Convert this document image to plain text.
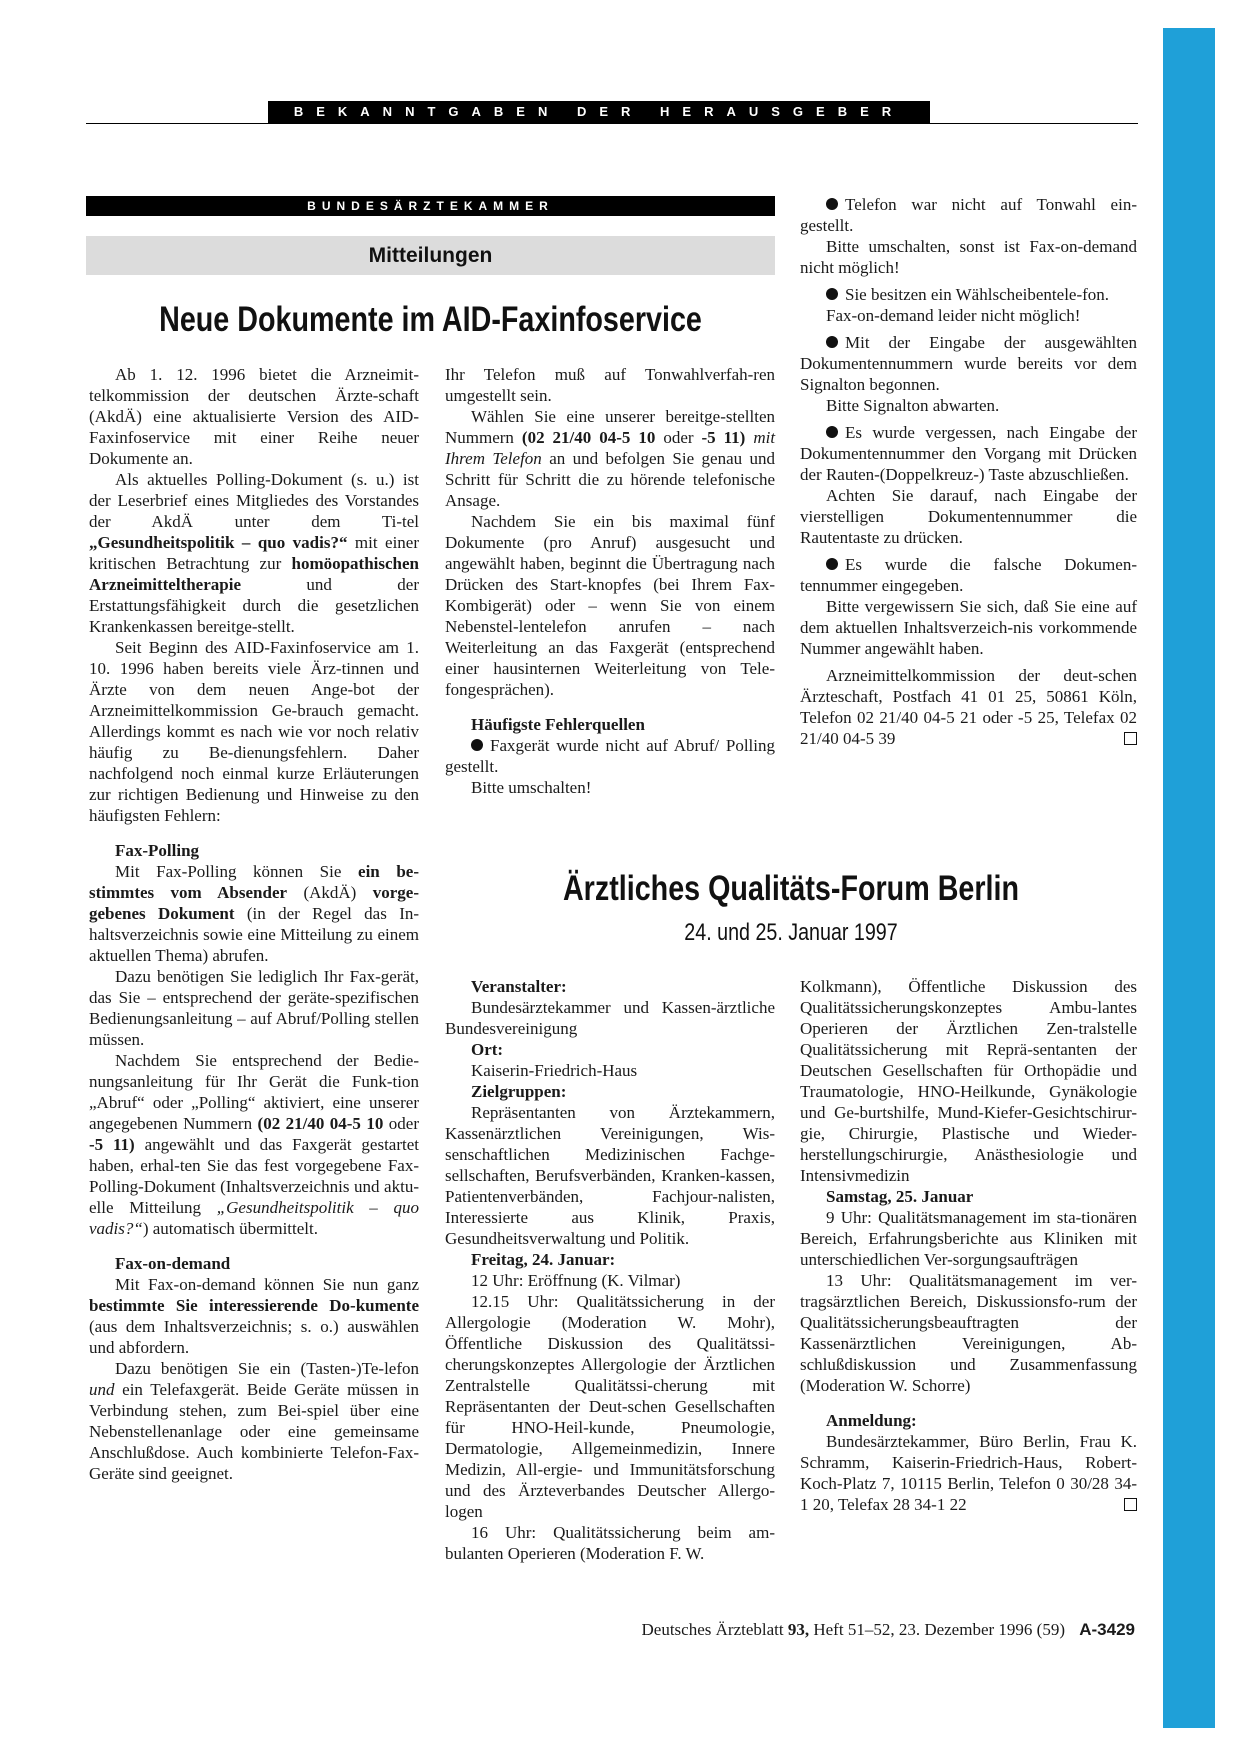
BEKANNTGABEN DER HERAUSGEBER
BUNDESÄRZTEKAMMER
Mitteilungen
Neue Dokumente im AID-Faxinfoservice

Ab 1. 12. 1996 bietet die Arzneimit-telkommission der deutschen Ärzte-schaft (AkdÄ) eine aktualisierte Version des AID-Faxinfoservice mit einer Reihe neuer Dokumente an.

Als aktuelles Polling-Dokument (s. u.) ist der Leserbrief eines Mitgliedes des Vorstandes der AkdÄ unter dem Ti-tel „Gesundheitspolitik – quo vadis?“ mit einer kritischen Betrachtung zur homöopathischen Arzneimitteltherapie	und der Erstattungsfähigkeit durch die gesetzlichen Krankenkassen bereitge-stellt.

Seit Beginn des AID-Faxinfoservice am 1. 10. 1996 haben bereits viele Ärz-tinnen und Ärzte von dem neuen Ange-bot der Arzneimittelkommission Ge-brauch gemacht. Allerdings kommt es nach wie vor noch relativ häufig zu Be-dienungsfehlern. Daher nachfolgend noch einmal kurze Erläuterungen zur richtigen Bedienung und Hinweise zu den häufigsten Fehlern:

Fax-Polling

Mit Fax-Polling können Sie ein be-stimmtes vom Absender (AkdÄ) vorge-gebenes Dokument (in der Regel das In-haltsverzeichnis sowie eine Mitteilung zu einem aktuellen Thema) abrufen.

Dazu benötigen Sie lediglich Ihr Fax-gerät, das Sie – entsprechend der geräte-spezifischen Bedienungsanleitung – auf Abruf/Polling stellen müssen.

Nachdem Sie entsprechend der Bedie-nungsanleitung für Ihr Gerät die Funk-tion „Abruf“ oder „Polling“ aktiviert, eine unserer angegebenen Nummern (02 21/40 04-5 10 oder -5 11) angewählt und das Faxgerät gestartet haben, erhal-ten Sie das fest vorgegebene Fax-Polling-Dokument (Inhaltsverzeichnis und aktu-elle Mitteilung „Gesundheitspolitik – quo vadis?“) automatisch übermittelt.

Fax-on-demand

Mit Fax-on-demand können Sie nun ganz bestimmte Sie interessierende Do-kumente (aus dem Inhaltsverzeichnis; s. o.) auswählen und abfordern.

Dazu benötigen Sie ein (Tasten-)Te-lefon und ein Telefaxgerät. Beide Geräte müssen in Verbindung stehen, zum Bei-spiel über eine Nebenstellenanlage oder eine gemeinsame Anschlußdose. Auch kombinierte Telefon-Fax-Geräte sind geeignet.

Ihr Telefon muß auf Tonwahlverfah-ren umgestellt sein.

Wählen Sie eine unserer bereitge-stellten Nummern (02 21/40 04-5 10 oder -5 11) mit Ihrem Telefon an und befolgen Sie genau und Schritt für Schritt die zu hörende telefonische Ansage.

Nachdem Sie ein bis maximal fünf Dokumente (pro Anruf) ausgesucht und angewählt haben, beginnt die Übertragung nach Drücken des Start-knopfes (bei Ihrem Fax-Kombigerät) oder – wenn Sie von einem Nebenstel-lentelefon anrufen – nach Weiterleitung an das Faxgerät (entsprechend einer hausinternen Weiterleitung von Tele-fongesprächen).

Häufigste Fehlerquellen

Faxgerät wurde nicht auf Abruf/ Polling gestellt.

Bitte umschalten!

Telefon war nicht auf Tonwahl ein-gestellt.

Bitte umschalten, sonst ist Fax-on-demand nicht möglich!

Sie besitzen ein Wählscheibentele-fon.

Fax-on-demand leider nicht möglich!

Mit der Eingabe der ausgewählten Dokumentennummern wurde bereits vor dem Signalton begonnen.

Bitte Signalton abwarten.

Es wurde vergessen, nach Eingabe der Dokumentennummer den Vorgang mit Drücken der Rauten-(Doppelkreuz-) Taste abzuschließen.

Achten Sie darauf, nach Eingabe der vierstelligen Dokumentennummer die Rautentaste zu drücken.

Es wurde die falsche Dokumen-tennummer eingegeben.

Bitte vergewissern Sie sich, daß Sie eine auf dem aktuellen Inhaltsverzeich-nis vorkommende Nummer angewählt haben.

Arzneimittelkommission der deut-schen Ärzteschaft, Postfach 41 01 25, 50861 Köln, Telefon 02 21/40 04-5 21 oder -5 25, Telefax 02 21/40 04-5 39

Ärztliches Qualitäts-Forum Berlin
24. und 25. Januar 1997
Veranstalter:

Bundesärztekammer und Kassen-ärztliche Bundesvereinigung

Ort:

Kaiserin-Friedrich-Haus

Zielgruppen:

Repräsentanten von Ärztekammern, Kassenärztlichen Vereinigungen, Wis-senschaftlichen Medizinischen Fachge-sellschaften, Berufsverbänden, Kranken-kassen, Patientenverbänden, Fachjour-nalisten, Interessierte aus Klinik, Praxis, Gesundheitsverwaltung und Politik.

Freitag, 24. Januar:

12 Uhr: Eröffnung (K. Vilmar)

12.15 Uhr: Qualitätssicherung in der Allergologie (Moderation W. Mohr), Öffentliche Diskussion des Qualitätssi-cherungskonzeptes Allergologie der Ärztlichen Zentralstelle Qualitätssi-cherung mit Repräsentanten der Deut-schen Gesellschaften für HNO-Heil-kunde, Pneumologie, Dermatologie, Allgemeinmedizin, Innere Medizin, All-ergie- und Immunitätsforschung und des Ärzteverbandes Deutscher Allergo-logen

16 Uhr: Qualitätssicherung beim am-bulanten Operieren (Moderation F. W.

Kolkmann), Öffentliche Diskussion des Qualitätssicherungskonzeptes Ambu-lantes Operieren der Ärztlichen Zen-tralstelle Qualitätssicherung mit Reprä-sentanten der Deutschen Gesellschaften für Orthopädie und Traumatologie, HNO-Heilkunde, Gynäkologie und Ge-burtshilfe, Mund-Kiefer-Gesichtschirur-gie, Chirurgie, Plastische und Wieder-herstellungschirurgie, Anästhesiologie und Intensivmedizin

Samstag, 25. Januar

9 Uhr: Qualitätsmanagement im sta-tionären Bereich, Erfahrungsberichte aus Kliniken mit unterschiedlichen Ver-sorgungsaufträgen

13 Uhr: Qualitätsmanagement im ver-tragsärztlichen Bereich, Diskussionsfo-rum der Qualitätssicherungsbeauftragten der Kassenärztlichen Vereinigungen, Ab-schlußdiskussion und Zusammenfassung (Moderation W. Schorre)

Anmeldung:

Bundesärztekammer, Büro Berlin, Frau K. Schramm, Kaiserin-Friedrich-Haus, Robert-Koch-Platz 7, 10115 Berlin, Telefon 0 30/28 34-1 20, Telefax 28 34-1 22

Deutsches Ärzteblatt 93, Heft 51–52, 23. Dezember 1996 (59) A-3429
